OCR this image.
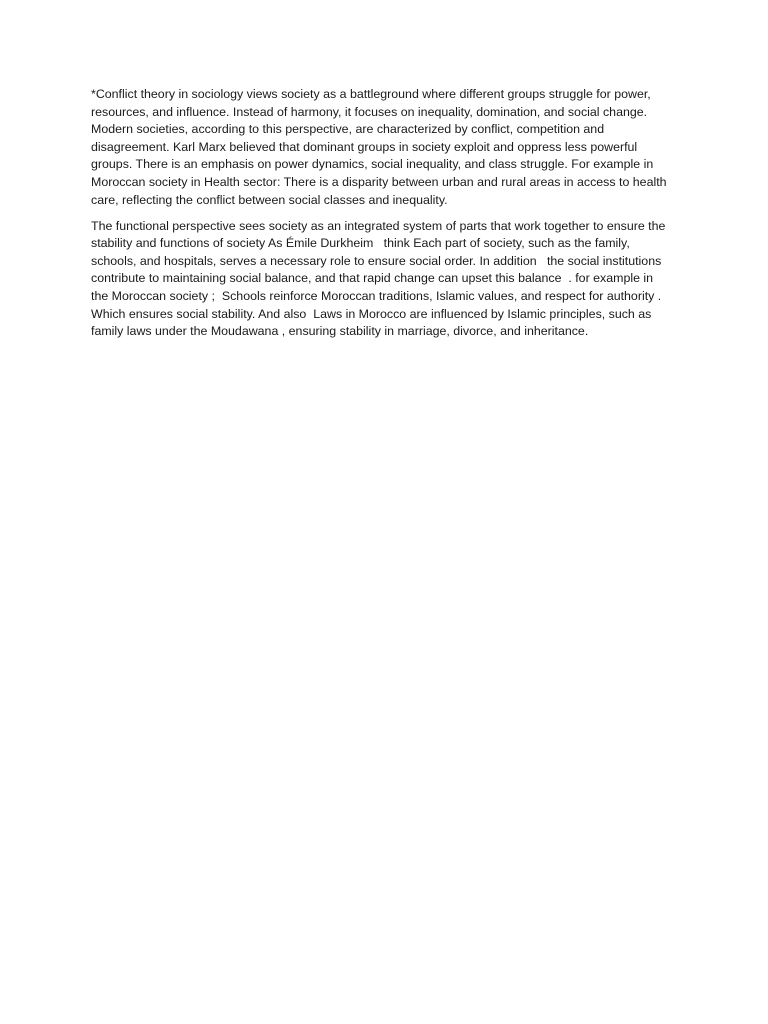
*Conflict theory in sociology views society as a battleground where different groups struggle for power, resources, and influence. Instead of harmony, it focuses on inequality, domination, and social change. Modern societies, according to this perspective, are characterized by conflict, competition and disagreement. Karl Marx believed that dominant groups in society exploit and oppress less powerful groups. There is an emphasis on power dynamics, social inequality, and class struggle. For example in Moroccan society in Health sector: There is a disparity between urban and rural areas in access to health care, reflecting the conflict between social classes and inequality.

The functional perspective sees society as an integrated system of parts that work together to ensure the stability and functions of society As Émile Durkheim   think Each part of society, such as the family, schools, and hospitals, serves a necessary role to ensure social order. In addition   the social institutions contribute to maintaining social balance, and that rapid change can upset this balance  . for example in    the Moroccan society ;  Schools reinforce Moroccan traditions, Islamic values, and respect for authority . Which ensures social stability. And also  Laws in Morocco are influenced by Islamic principles, such as family laws under the Moudawana , ensuring stability in marriage, divorce, and inheritance.
